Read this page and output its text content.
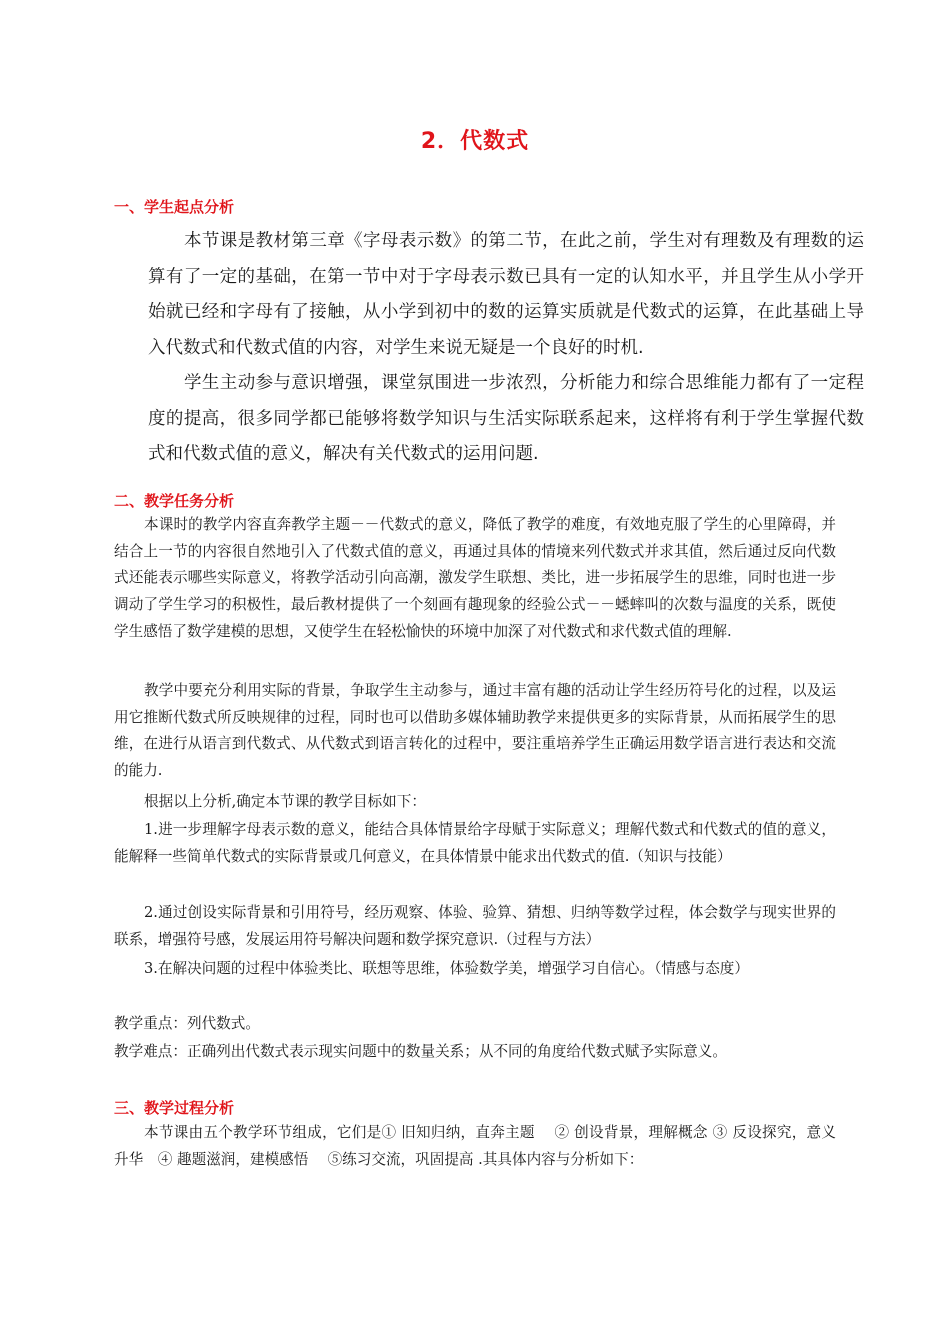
2．代数式
一、学生起点分析

本节课是教材第三章《字母表示数》的第二节，在此之前，学生对有理数及有理数的运算有了一定的基础，在第一节中对于字母表示数已具有一定的认知水平，并且学生从小学开始就已经和字母有了接触，从小学到初中的数的运算实质就是代数式的运算，在此基础上导入代数式和代数式值的内容，对学生来说无疑是一个良好的时机.

学生主动参与意识增强，课堂氛围进一步浓烈，分析能力和综合思维能力都有了一定程度的提高，很多同学都已能够将数学知识与生活实际联系起来，这样将有利于学生掌握代数式和代数式值的意义，解决有关代数式的运用问题.

二、教学任务分析

本课时的教学内容直奔教学主题－－代数式的意义，降低了教学的难度，有效地克服了学生的心里障碍，并结合上一节的内容很自然地引入了代数式值的意义，再通过具体的情境来列代数式并求其值，然后通过反向代数式还能表示哪些实际意义，将教学活动引向高潮，激发学生联想、类比，进一步拓展学生的思维，同时也进一步调动了学生学习的积极性，最后教材提供了一个刻画有趣现象的经验公式－－蟋蟀叫的次数与温度的关系，既使学生感悟了数学建模的思想，又使学生在轻松愉快的环境中加深了对代数式和求代数式值的理解.

教学中要充分利用实际的背景，争取学生主动参与，通过丰富有趣的活动让学生经历符号化的过程，以及运用它推断代数式所反映规律的过程，同时也可以借助多媒体辅助教学来提供更多的实际背景，从而拓展学生的思维，在进行从语言到代数式、从代数式到语言转化的过程中，要注重培养学生正确运用数学语言进行表达和交流的能力.

根据以上分析,确定本节课的教学目标如下：

1.进一步理解字母表示数的意义，能结合具体情景给字母赋于实际意义；理解代数式和代数式的值的意义，能解释一些简单代数式的实际背景或几何意义，在具体情景中能求出代数式的值.（知识与技能）

2.通过创设实际背景和引用符号，经历观察、体验、验算、猜想、归纳等数学过程，体会数学与现实世界的联系，增强符号感，发展运用符号解决问题和数学探究意识.（过程与方法）

3.在解决问题的过程中体验类比、联想等思维，体验数学美，增强学习自信心。（情感与态度）

教学重点：列代数式。

教学难点：正确列出代数式表示现实问题中的数量关系；从不同的角度给代数式赋予实际意义。

三、教学过程分析

本节课由五个教学环节组成，它们是① 旧知归纳，直奔主题　 ② 创设背景，理解概念 ③ 反设探究，意义升华　④ 趣题滋润，建模感悟　 ⑤练习交流，巩固提高 .其具体内容与分析如下：
